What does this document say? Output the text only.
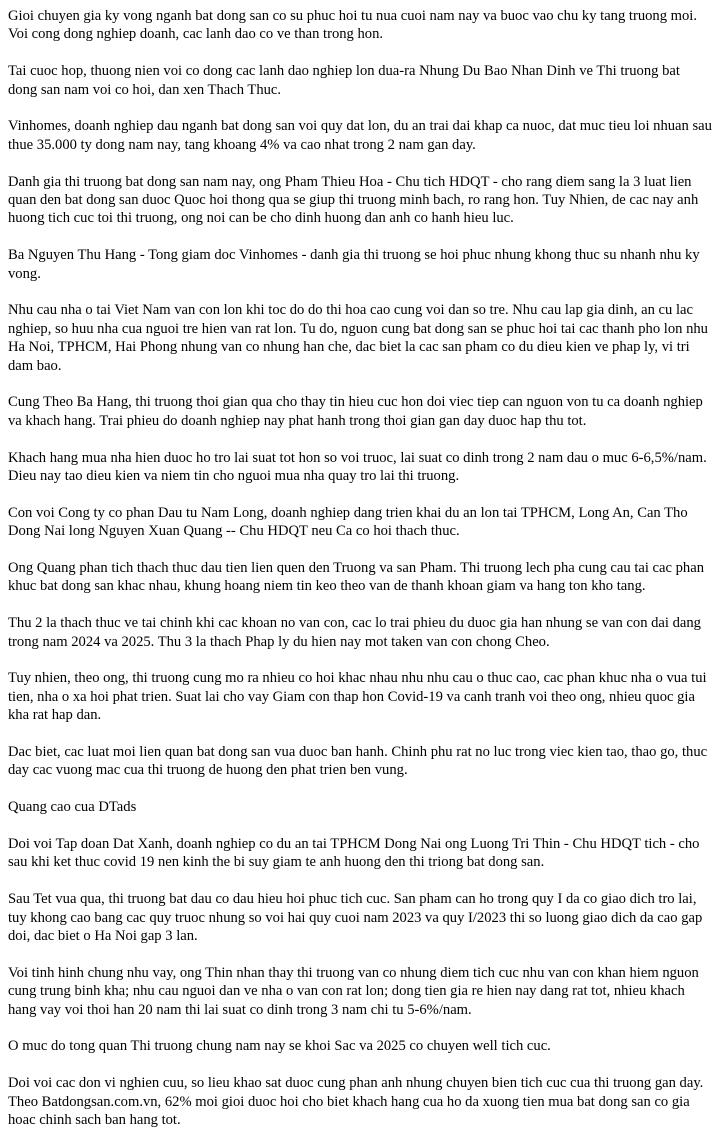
Gioi chuyen gia ky vong nganh bat dong san co su phuc hoi tu nua cuoi nam nay va buoc vao chu ky tang truong moi. Voi cong dong nghiep doanh, cac lanh dao co ve than trong hon.

Tai cuoc hop, thuong nien voi co dong cac lanh dao nghiep lon dua-ra Nhung Du Bao Nhan Dinh ve Thi truong bat dong san nam voi co hoi, dan xen Thach Thuc.

Vinhomes, doanh nghiep dau nganh bat dong san voi quy dat lon, du an trai dai khap ca nuoc, dat muc tieu loi nhuan sau thue 35.000 ty dong nam nay, tang khoang 4% va cao nhat trong 2 nam gan day.

Danh gia thi truong bat dong san nam nay, ong Pham Thieu Hoa - Chu tich HDQT - cho rang diem sang la 3 luat lien quan den bat dong san duoc Quoc hoi thong qua se giup thi truong minh bach, ro rang hon. Tuy Nhien, de cac nay anh huong tich cuc toi thi truong, ong noi can be cho dinh huong dan anh co hanh hieu luc.

Ba Nguyen Thu Hang - Tong giam doc Vinhomes - danh gia thi truong se hoi phuc nhung khong thuc su nhanh nhu ky vong.

Nhu cau nha o tai Viet Nam van con lon khi toc do do thi hoa cao cung voi dan so tre. Nhu cau lap gia dinh, an cu lac nghiep, so huu nha cua nguoi tre hien van rat lon. Tu do, nguon cung bat dong san se phuc hoi tai cac thanh pho lon nhu Ha Noi, TPHCM, Hai Phong nhung van co nhung han che, dac biet la cac san pham co du dieu kien ve phap ly, vi tri dam bao.

Cung Theo Ba Hang, thi truong thoi gian qua cho thay tin hieu cuc hon doi viec tiep can nguon von tu ca doanh nghiep va khach hang. Trai phieu do doanh nghiep nay phat hanh trong thoi gian gan day duoc hap thu tot.

Khach hang mua nha hien duoc ho tro lai suat tot hon so voi truoc, lai suat co dinh trong 2 nam dau o muc 6-6,5%/nam. Dieu nay tao dieu kien va niem tin cho nguoi mua nha quay tro lai thi truong.

Con voi Cong ty co phan Dau tu Nam Long, doanh nghiep dang trien khai du an lon tai TPHCM, Long An, Can Tho Dong Nai long Nguyen Xuan Quang -- Chu HDQT neu Ca co hoi thach thuc.

Ong Quang phan tich thach thuc dau tien lien quen den Truong va san Pham. Thi truong lech pha cung cau tai cac phan khuc bat dong san khac nhau, khung hoang niem tin keo theo van de thanh khoan giam va hang ton kho tang.

Thu 2 la thach thuc ve tai chinh khi cac khoan no van con, cac lo trai phieu du duoc gia han nhung se van con dai dang trong nam 2024 va 2025. Thu 3 la thach Phap ly du hien nay mot taken van con chong Cheo.

Tuy nhien, theo ong, thi truong cung mo ra nhieu co hoi khac nhau nhu nhu cau o thuc cao, cac phan khuc nha o vua tui tien, nha o xa hoi phat trien. Suat lai cho vay Giam con thap hon Covid-19 va canh tranh voi theo ong, nhieu quoc gia kha rat hap dan.

Dac biet, cac luat moi lien quan bat dong san vua duoc ban hanh. Chinh phu rat no luc trong viec kien tao, thao go, thuc day cac vuong mac cua thi truong de huong den phat trien ben vung.

Quang cao cua DTads

Doi voi Tap doan Dat Xanh, doanh nghiep co du an tai TPHCM Dong Nai ong Luong Tri Thin - Chu HDQT tich - cho sau khi ket thuc covid 19 nen kinh the bi suy giam te anh huong den thi triong bat dong san.

Sau Tet vua qua, thi truong bat dau co dau hieu hoi phuc tich cuc. San pham can ho trong quy I da co giao dich tro lai, tuy khong cao bang cac quy truoc nhung so voi hai quy cuoi nam 2023 va quy I/2023 thi so luong giao dich da cao gap doi, dac biet o Ha Noi gap 3 lan.

Voi tinh hinh chung nhu vay, ong Thin nhan thay thi truong van co nhung diem tich cuc nhu van con khan hiem nguon cung trung binh kha; nhu cau nguoi dan ve nha o van con rat lon; dong tien gia re hien nay dang rat tot, nhieu khach hang vay voi thoi han 20 nam thi lai suat co dinh trong 3 nam chi tu 5-6%/nam.

O muc do tong quan Thi truong chung nam nay se khoi Sac va 2025 co chuyen well tich cuc.

Doi voi cac don vi nghien cuu, so lieu khao sat duoc cung phan anh nhung chuyen bien tich cuc cua thi truong gan day. Theo Batdongsan.com.vn, 62% moi gioi duoc hoi cho biet khach hang cua ho da xuong tien mua bat dong san co gia hoac chinh sach ban hang tot.
